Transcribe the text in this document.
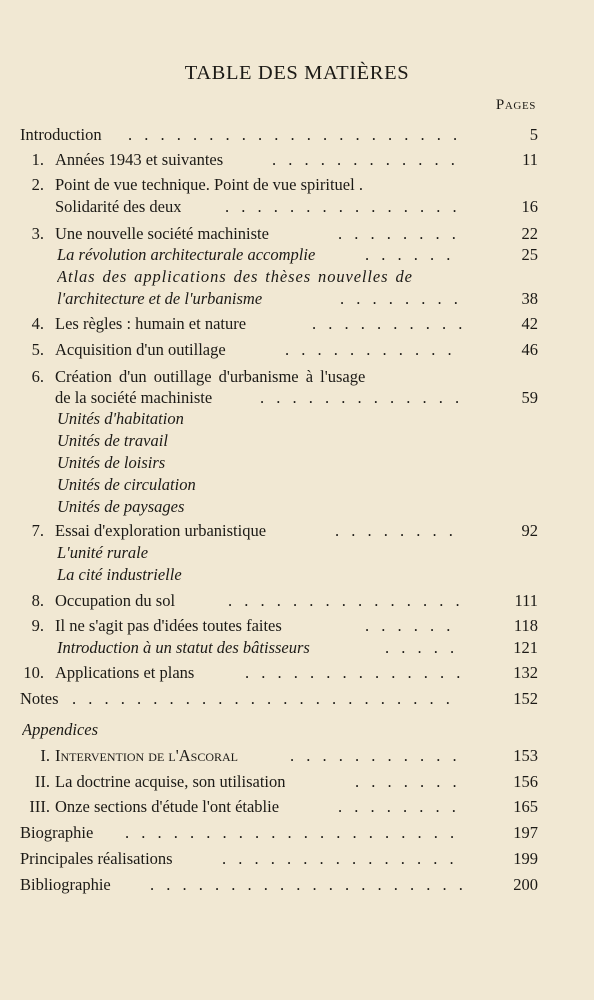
TABLE DES MATIÈRES
Pages
Introduction . . .	5
1. Années 1943 et suivantes . . .	11
2. Point de vue technique. Point de vue spirituel .
Solidarité des deux . . .	16
3. Une nouvelle société machiniste . . .	22
La révolution architecturale accomplie . . .	25
Atlas des applications des thèses nouvelles de
l'architecture et de l'urbanisme . . .	38
4. Les règles : humain et nature . . .	42
5. Acquisition d'un outillage . . .	46
6. Création d'un outillage d'urbanisme à l'usage
de la société machiniste . . .	59
Unités d'habitation
Unités de travail
Unités de loisirs
Unités de circulation
Unités de paysages
7. Essai d'exploration urbanistique . . .	92
L'unité rurale
La cité industrielle
8. Occupation du sol . . .	111
9. Il ne s'agit pas d'idées toutes faites . . .	118
Introduction à un statut des bâtisseurs . . .	121
10. Applications et plans . . .	132
Notes . . .	152
Appendices
I. Intervention de l'Ascoral . . .	153
II. La doctrine acquise, son utilisation . . .	156
III. Onze sections d'étude l'ont établie . . .	165
Biographie . . .	197
Principales réalisations . . .	199
Bibliographie . . .	200
